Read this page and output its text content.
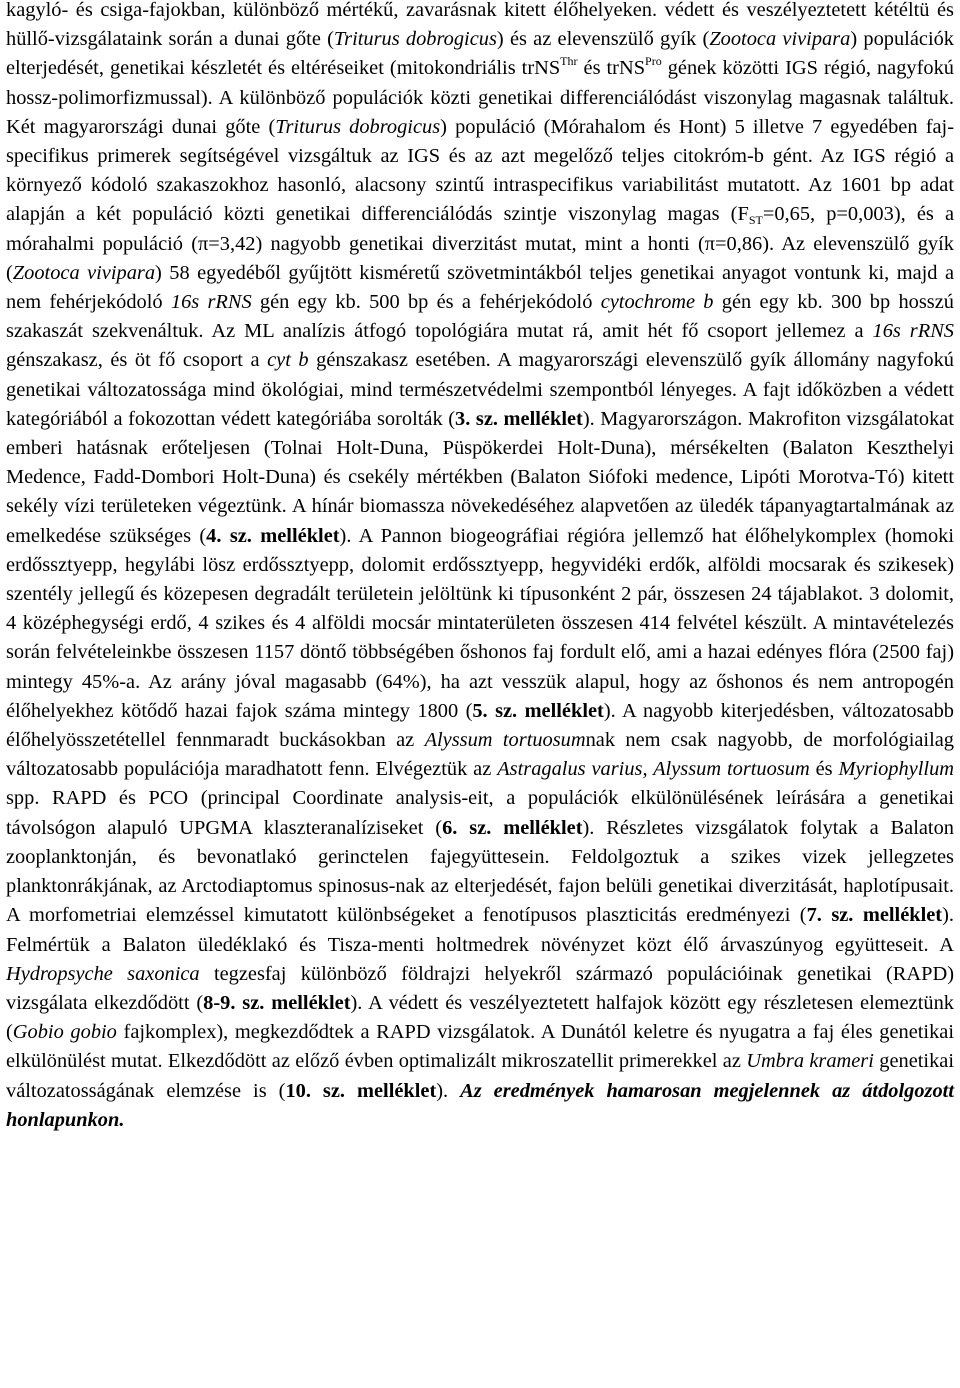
kagyló- és csiga-fajokban, különböző mértékű, zavarásnak kitett élőhelyeken. védett és veszélyeztetett kétéltü és hüllő-vizsgálataink során a dunai gőte (Triturus dobrogicus) és az elevenszülő gyík (Zootoca vivipara) populációk elterjedését, genetikai készletét és eltéréseiket (mitokondriális trNS$^{Thr}$ és trNS$^{Pro}$ gének közötti IGS régió, nagyfokú hossz-polimorfizmussal). A különböző populációk közti genetikai differenciálódást viszonylag magasnak találtuk. Két magyarországi dunai gőte (Triturus dobrogicus) populáció (Mórahalom és Hont) 5 illetve 7 egyedében faj-specifikus primerek segítségével vizsgáltuk az IGS és az azt megelőző teljes citokróm-b gént. Az IGS régió a környező kódoló szakaszokhoz hasonló, alacsony szintű intraspecifikus variabilitást mutatott. Az 1601 bp adat alapján a két populáció közti genetikai differenciálódás szintje viszonylag magas ($F_{ST}=0,65$, p=0,003), és a mórahalmi populáció (π=3,42) nagyobb genetikai diverzitást mutat, mint a honti (π=0,86). Az elevenszülő gyík (Zootoca vivipara) 58 egyedéből gyűjtött kisméretű szövetmintákból teljes genetikai anyagot vontunk ki, majd a nem fehérjekódoló 16s rRNS gén egy kb. 500 bp és a fehérjekódoló cytochrome b gén egy kb. 300 bp hosszú szakaszát szekvenáltuk. Az ML analízis átfogó topológiára mutat rá, amit hét fő csoport jellemez a 16s rRNS génszakasz, és öt fő csoport a cyt b génszakasz esetében. A magyarországi elevenszülő gyík állomány nagyfokú genetikai változatossága mind ökológiai, mind természetvédelmi szempontból lényeges. A fajt időközben a védett kategóriából a fokozottan védett kategóriába sorolták (3. sz. melléklet). Magyarországon. Makrofiton vizsgálatokat emberi hatásnak erőteljesen (Tolnai Holt-Duna, Püspökerdei Holt-Duna), mérsékelten (Balaton Keszthelyi Medence, Fadd-Dombori Holt-Duna) és csekély mértékben (Balaton Siófoki medence, Lipóti Morotva-Tó) kitett sekély vízi területeken végeztünk. A hínár biomassza növekedéséhez alapvetően az üledék tápanyagtartalmának az emelkedése szükséges (4. sz. melléklet). A Pannon biogeográfiai régióra jellemző hat élőhelykomplex (homoki erdőssztyepp, hegylábi lösz erdőssztyepp, dolomit erdőssztyepp, hegyvidéki erdők, alföldi mocsarak és szikesek) szentély jellegű és közepesen degradált területein jelöltünk ki típusonként 2 pár, összesen 24 tájablakot. 3 dolomit, 4 középhegységi erdő, 4 szikes és 4 alföldi mocsár mintaterületen összesen 414 felvétel készült. A mintavételezés során felvételeinkbe összesen 1157 döntő többségében őshonos faj fordult elő, ami a hazai edényes flóra (2500 faj) mintegy 45%-a. Az arány jóval magasabb (64%), ha azt vesszük alapul, hogy az őshonos és nem antropogén élőhelyekhez kötődő hazai fajok száma mintegy 1800 (5. sz. melléklet). A nagyobb kiterjedésben, változatosabb élőhelyösszetétellel fennmaradt buckásokban az Alyssum tortuosumnak nem csak nagyobb, de morfológiailag változatosabb populációja maradhatott fenn. Elvégeztük az Astragalus varius, Alyssum tortuosum és Myriophyllum spp. RAPD és PCO (principal Coordinate analysis-eit, a populációk elkülönülésének leírására a genetikai távolsógon alapuló UPGMA klaszteranalíziseket (6. sz. melléklet). Részletes vizsgálatok folytak a Balaton zooplanktonján, és bevonatlakó gerinctelen fajegyüttesein. Feldolgoztuk a szikes vizek jellegzetes planktonrákjának, az Arctodiaptomus spinosus-nak az elterjedését, fajon belüli genetikai diverzitását, haplotípusait. A morfometriai elemzéssel kimutatott különbségeket a fenotípusos plaszticitás eredményezi (7. sz. melléklet). Felmértük a Balaton üledéklakó és Tisza-menti holtmedrek növényzet közt élő árvaszúnyog együtteseit. A Hydropsyche saxonica tegzesfaj különböző földrajzi helyekről származó populációinak genetikai (RAPD) vizsgálata elkezdődött (8-9. sz. melléklet). A védett és veszélyeztetett halfajok között egy részletesen elemeztünk (Gobio gobio fajkomplex), megkezdődtek a RAPD vizsgálatok. A Dunától keletre és nyugatra a faj éles genetikai elkülönülést mutat. Elkezdődött az előző évben optimalizált mikroszatellit primerekkel az Umbra krameri genetikai változatosságának elemzése is (10. sz. melléklet). Az eredmények hamarosan megjelennek az átdolgozott honlapunkon.
